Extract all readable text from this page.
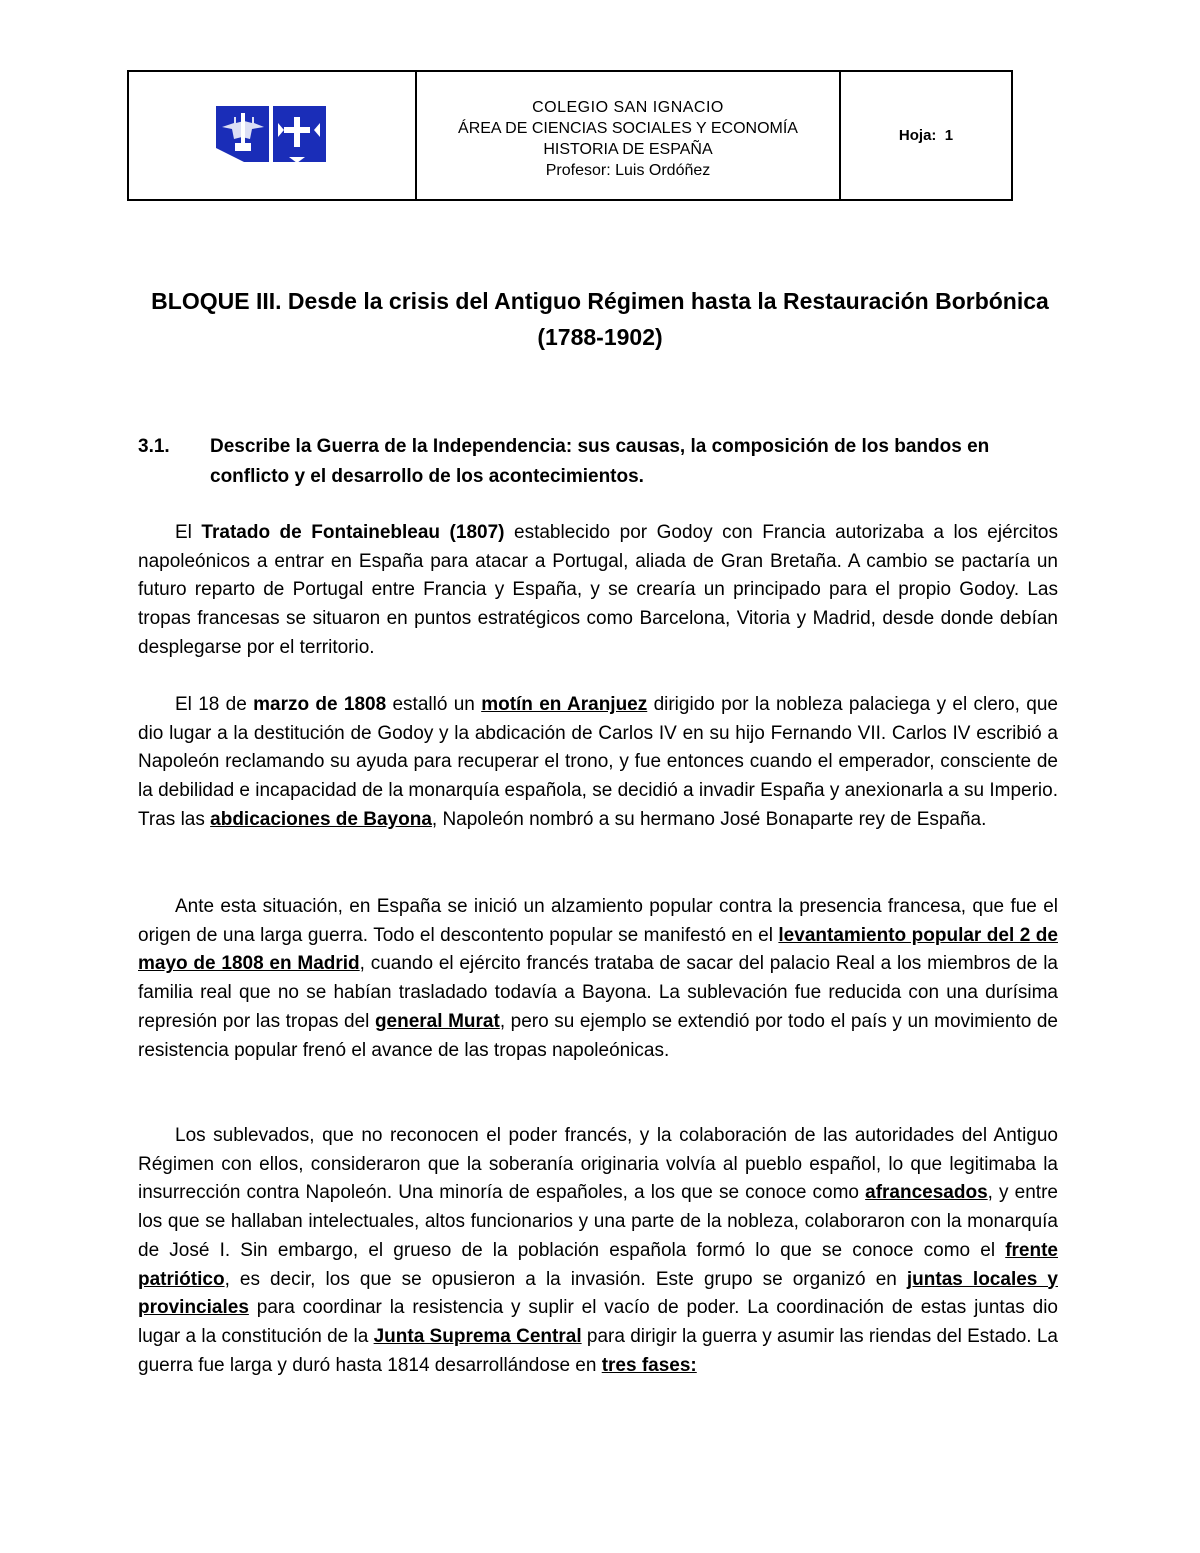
COLEGIO SAN IGNACIO
ÁREA DE CIENCIAS SOCIALES Y ECONOMÍA
HISTORIA DE ESPAÑA
Profesor: Luis Ordóñez
Hoja:
1
BLOQUE III. Desde la crisis del Antiguo Régimen hasta la Restauración Borbónica
(1788-1902)
3.1. Describe la Guerra de la Independencia: sus causas, la composición de los bandos en conflicto y el desarrollo de los acontecimientos.

El Tratado de Fontainebleau (1807) establecido por Godoy con Francia autorizaba a los ejércitos napoleónicos a entrar en España para atacar a Portugal, aliada de Gran Bretaña. A cambio se pactaría un futuro reparto de Portugal entre Francia y España, y se crearía un principado para el propio Godoy. Las tropas francesas se situaron en puntos estratégicos como Barcelona, Vitoria y Madrid, desde donde debían desplegarse por el territorio.

El 18 de marzo de 1808 estalló un motín en Aranjuez dirigido por la nobleza palaciega y el clero, que dio lugar a la destitución de Godoy y la abdicación de Carlos IV en su hijo Fernando VII. Carlos IV escribió a Napoleón reclamando su ayuda para recuperar el trono, y fue entonces cuando el emperador, consciente de la debilidad e incapacidad de la monarquía española, se decidió a invadir España y anexionarla a su Imperio. Tras las abdicaciones de Bayona, Napoleón nombró a su hermano José Bonaparte rey de España.

Ante esta situación, en España se inició un alzamiento popular contra la presencia francesa, que fue el origen de una larga guerra. Todo el descontento popular se manifestó en el levantamiento popular del 2 de mayo de 1808 en Madrid, cuando el ejército francés trataba de sacar del palacio Real a los miembros de la familia real que no se habían trasladado todavía a Bayona. La sublevación fue reducida con una durísima represión por las tropas del general Murat, pero su ejemplo se extendió por todo el país y un movimiento de resistencia popular frenó el avance de las tropas napoleónicas.

Los sublevados, que no reconocen el poder francés, y la colaboración de las autoridades del Antiguo Régimen con ellos, consideraron que la soberanía originaria volvía al pueblo español, lo que legitimaba la insurrección contra Napoleón. Una minoría de españoles, a los que se conoce como afrancesados, y entre los que se hallaban intelectuales, altos funcionarios y una parte de la nobleza, colaboraron con la monarquía de José I. Sin embargo, el grueso de la población española formó lo que se conoce como el frente patriótico, es decir, los que se opusieron a la invasión. Este grupo se organizó en juntas locales y provinciales para coordinar la resistencia y suplir el vacío de poder. La coordinación de estas juntas dio lugar a la constitución de la Junta Suprema Central para dirigir la guerra y asumir las riendas del Estado. La guerra fue larga y duró hasta 1814 desarrollándose en tres fases:
